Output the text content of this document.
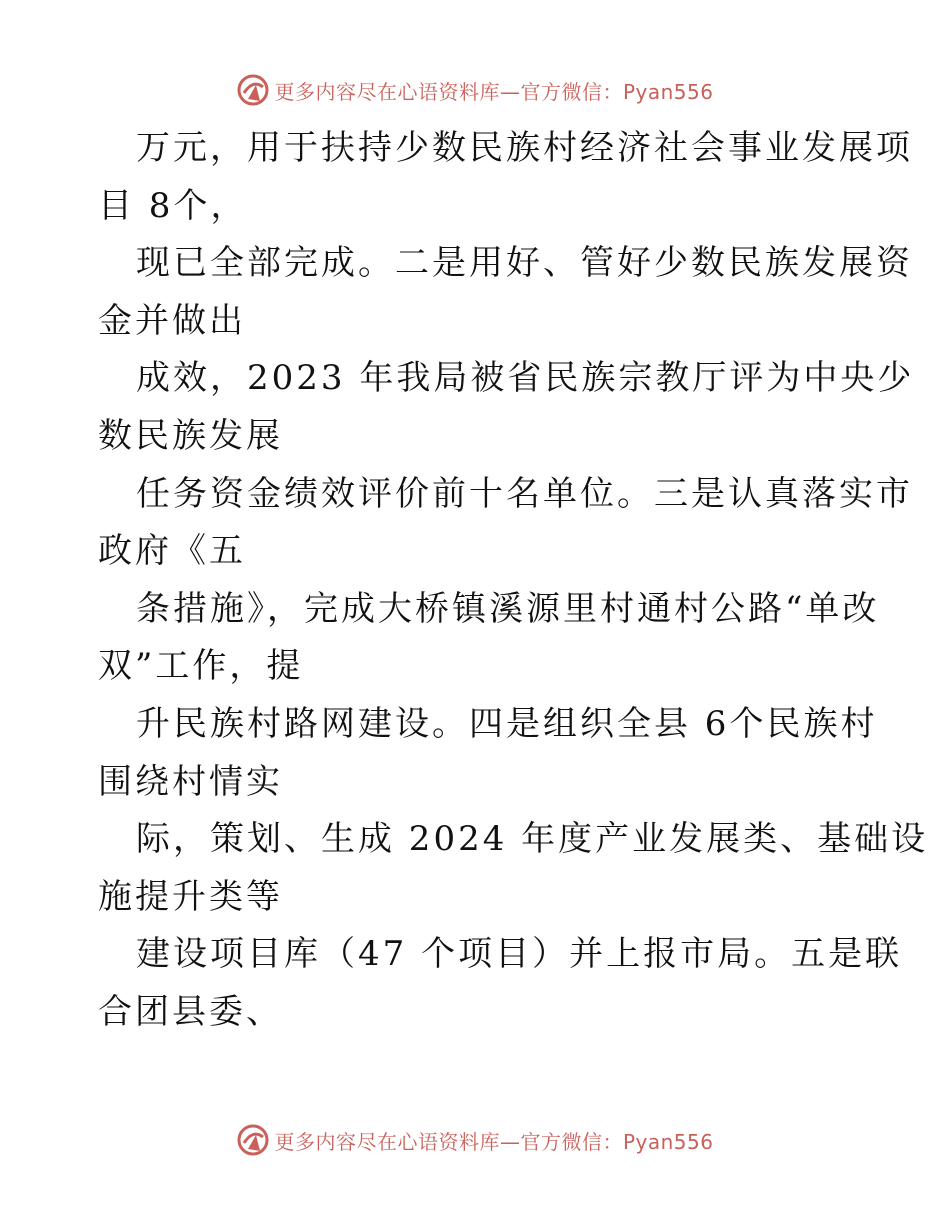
更多内容尽在心语资料库—官方微信：Pyan556
万元，用于扶持少数民族村经济社会事业发展项
目 8个，
现已全部完成。二是用好、管好少数民族发展资
金并做出
成效，2023 年我局被省民族宗教厅评为中央少
数民族发展
任务资金绩效评价前十名单位。三是认真落实市
政府《五
条措施》，完成大桥镇溪源里村通村公路“单改
双”工作，提
升民族村路网建设。四是组织全县 6个民族村
围绕村情实
际，策划、生成 2024 年度产业发展类、基础设
施提升类等
建设项目库（47 个项目）并上报市局。五是联
合团县委、
更多内容尽在心语资料库—官方微信：Pyan556
